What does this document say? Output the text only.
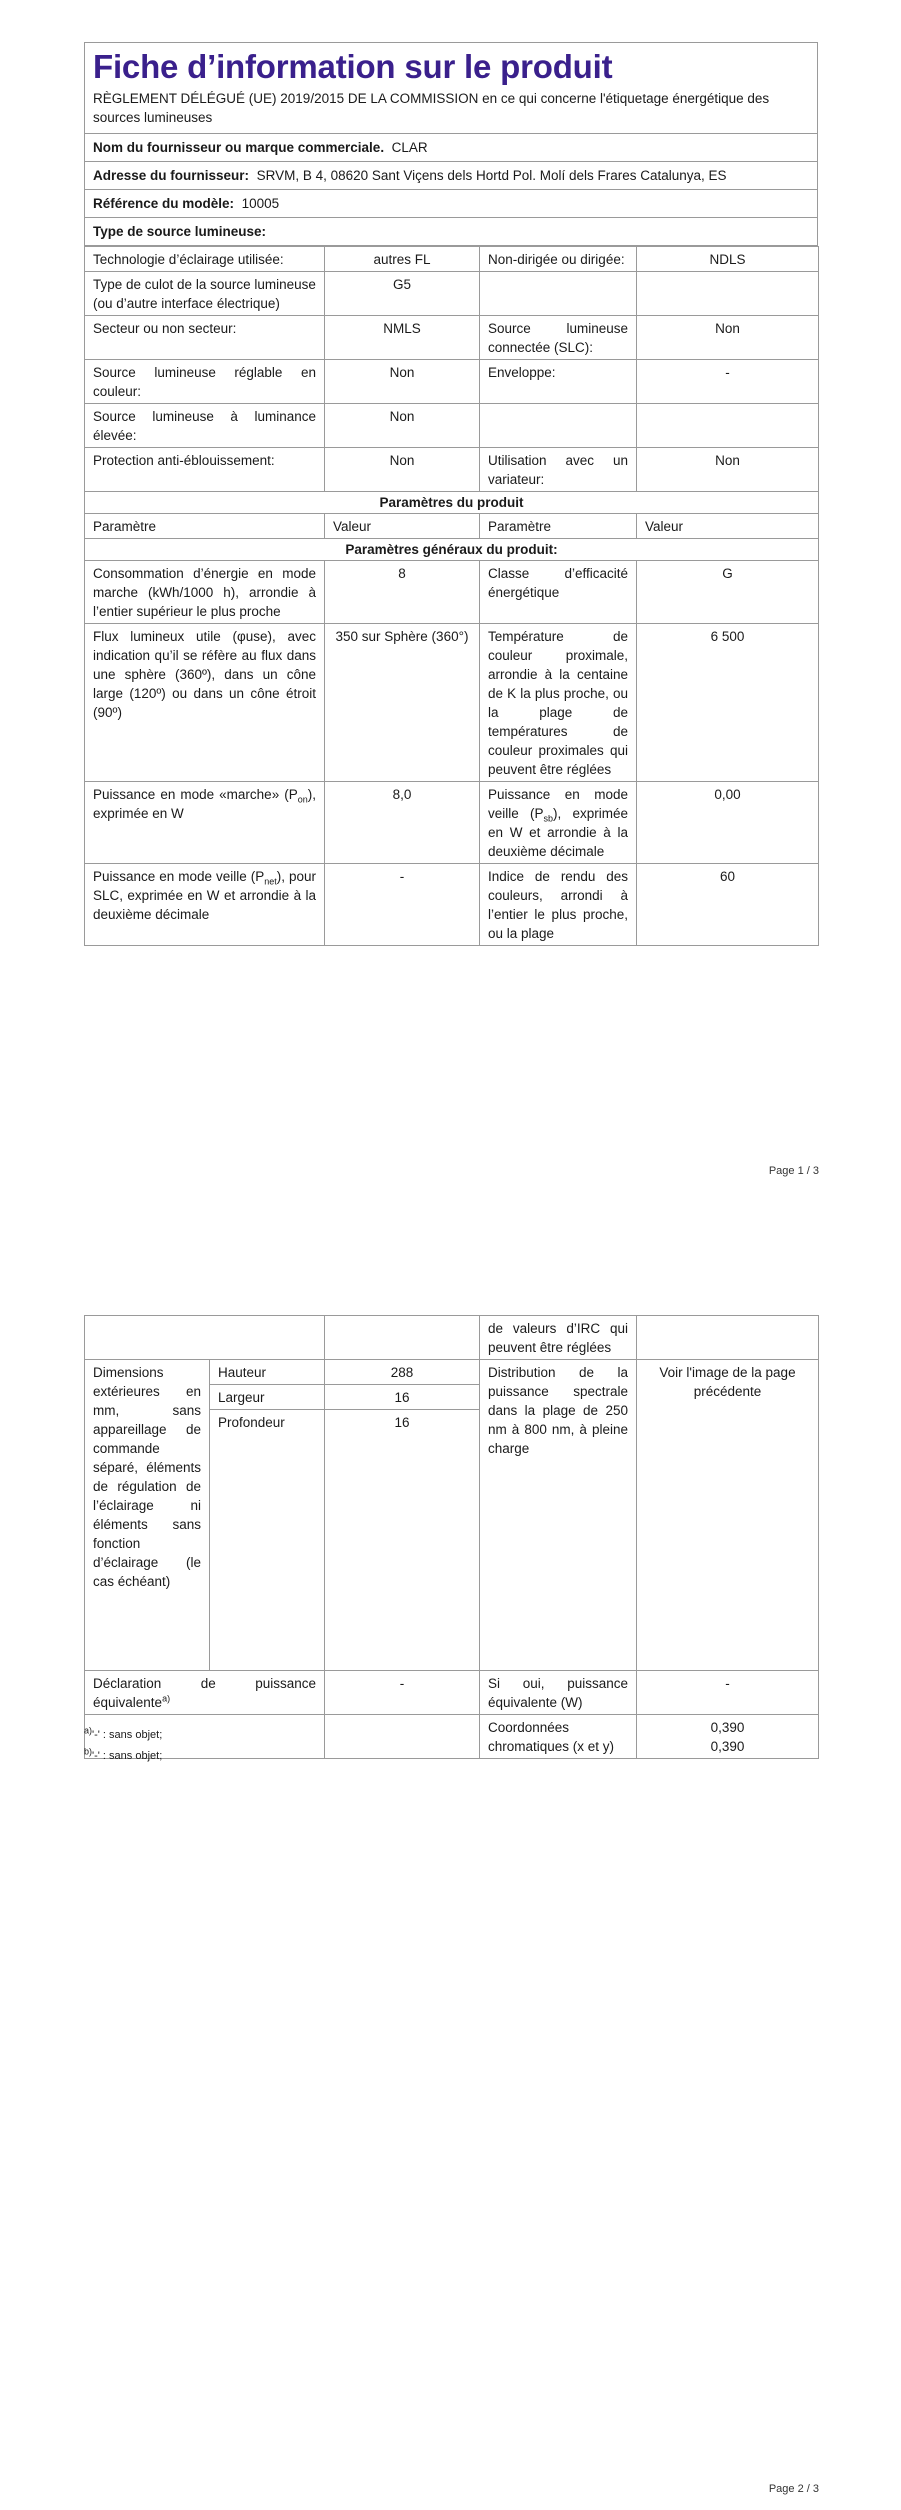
Fiche d’information sur le produit
RÈGLEMENT DÉLÉGUÉ (UE) 2019/2015 DE LA COMMISSION en ce qui concerne l'étiquetage énergétique des sources lumineuses
Nom du fournisseur ou marque commerciale. CLAR
Adresse du fournisseur: SRVM, B 4, 08620 Sant Viçens dels Hortd Pol. Molí dels Frares Catalunya, ES
Référence du modèle: 10005
Type de source lumineuse:
Technologie d’éclairage utilisée:	autres FL	Non-dirigée ou dirigée:	NDLS
Type de culot de la source lumineuse
(ou d’autre interface électrique)	G5		
Secteur ou non secteur:	NMLS	Source lumineuse connectée (SLC):	Non
Source lumineuse réglable en couleur:	Non	Enveloppe:	-
Source lumineuse à luminance élevée:	Non		
Protection anti-éblouissement:	Non	Utilisation avec un variateur:	Non
Paramètres du produit			
Paramètre	Valeur	Paramètre	Valeur
Paramètres généraux du produit:			
Consommation d’énergie en mode marche (kWh/1000 h), arrondie à l’entier supérieur le plus proche	8	Classe d’efficacité énergétique	G
Flux lumineux utile (φuse), avec indication qu’il se réfère au flux dans une sphère (360º), dans un cône large (120º) ou dans un cône étroit (90º)	350 sur Sphère (360°)	Température de couleur proximale, arrondie à la centaine de K la plus proche, ou la plage de températures de couleur proximales qui peuvent être réglées	6 500
Puissance en mode «marche» $(P_{on})$, exprimée en W	8,0	Puissance en mode veille $(P_{sb})$, exprimée en W et arrondie à la deuxième décimale	0,00
Puissance en mode veille $(P_{net})$, pour SLC, exprimée en W et arrondie à la deuxième décimale	-	Indice de rendu des couleurs, arrondi à l’entier le plus proche, ou la plage	60
Page 1 / 3
			de valeurs d’IRC qui peuvent être réglées	
Dimensions extérieures en mm, sans appareillage de commande séparé, éléments de régulation de l’éclairage ni éléments sans fonction d’éclairage (le cas échéant)	Hauteur	288	Distribution de la puissance spectrale dans la plage de 250 nm à 800 nm, à pleine charge	Voir l'image de la page précédente
	Largeur	16		
	Profondeur	16		
Déclaration de puissance équivalente$^{a)}$		-	Si oui, puissance équivalente (W)	-
			Coordonnées chromatiques (x et y)	0,390
0,390
$^{a)}$'-' : sans objet;
$^{b)}$'-' : sans objet;
Page 2 / 3
